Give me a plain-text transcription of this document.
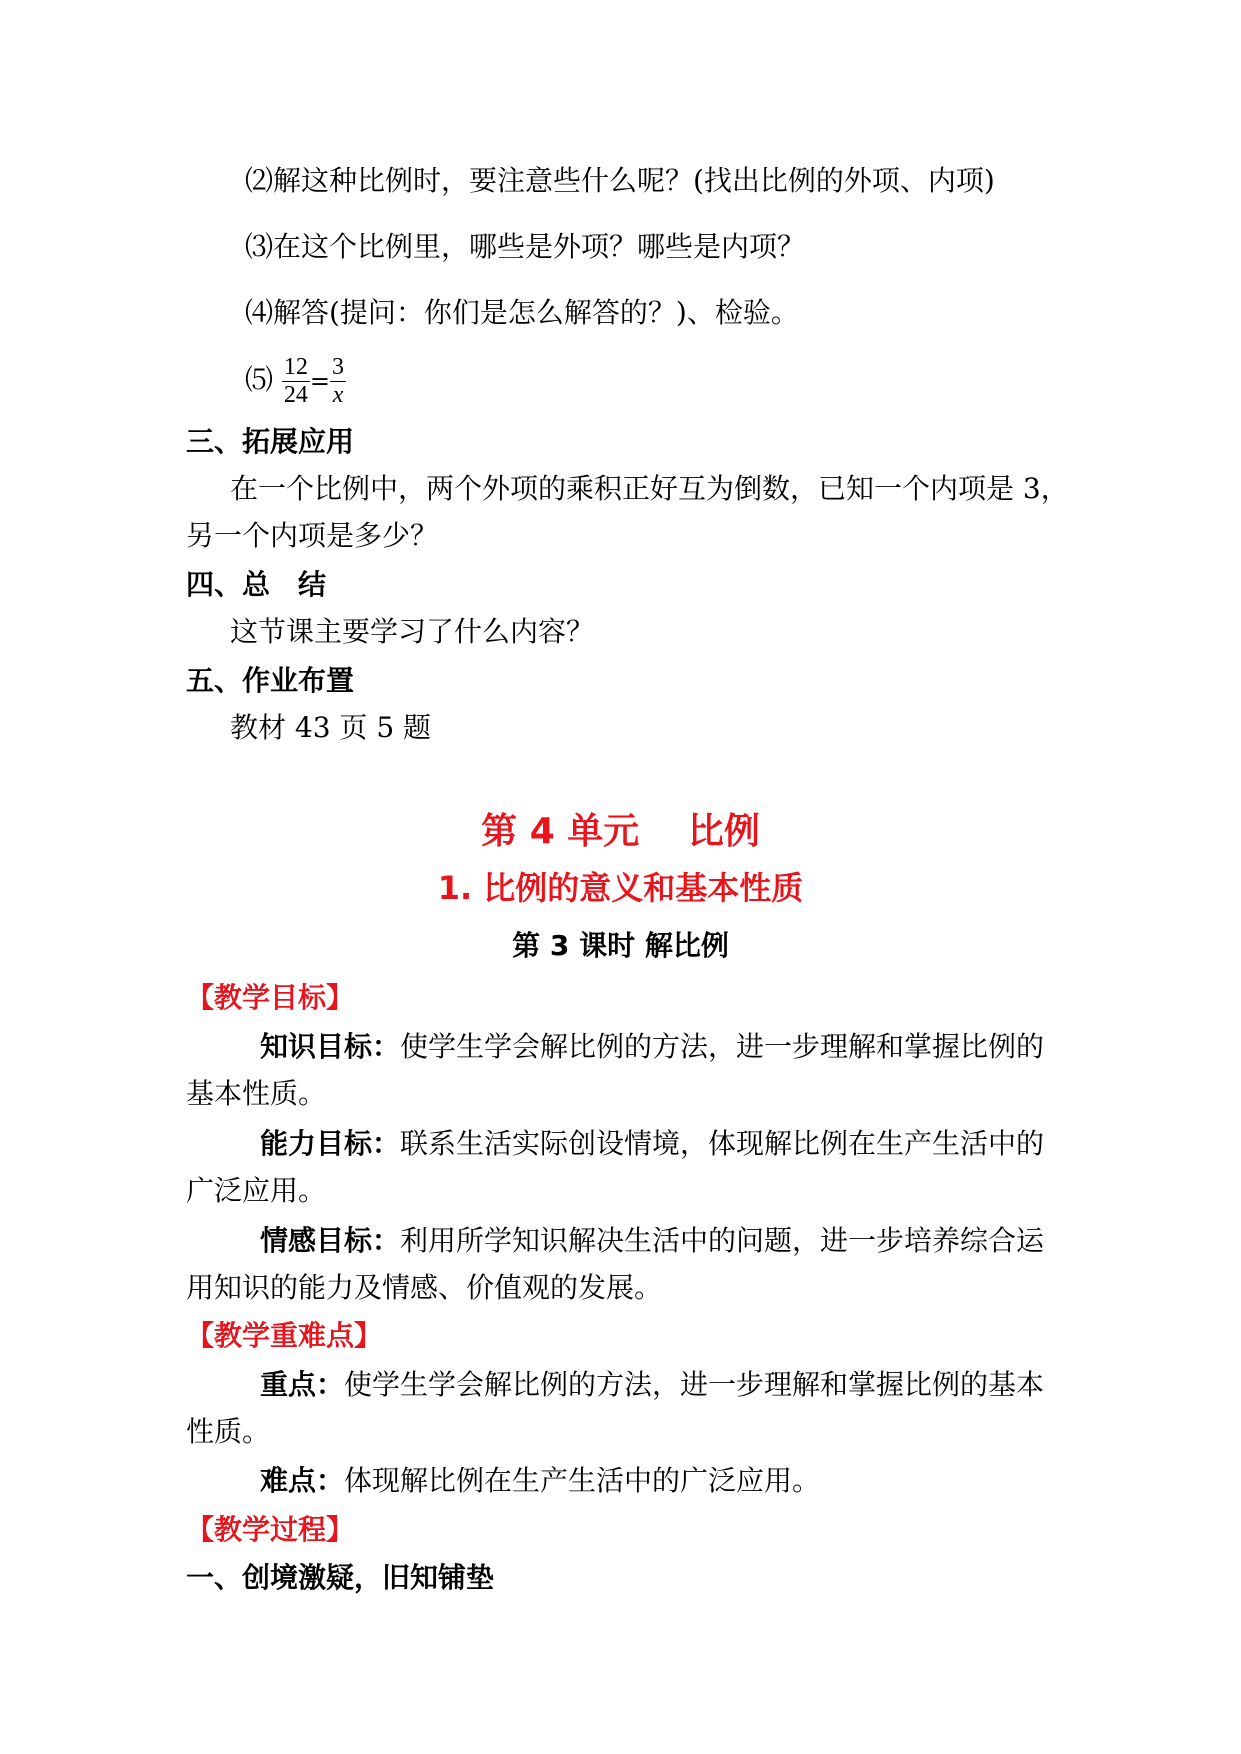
⑵解这种比例时，要注意些什么呢？(找出比例的外项、内项)
⑶在这个比例里，哪些是外项？哪些是内项？
⑷解答(提问：你们是怎么解答的？)、检验。
⑸ $\frac{12}{24} = \frac{3}{x}$
三、拓展应用
在一个比例中，两个外项的乘积正好互为倒数，已知一个内项是 3，
另一个内项是多少？
四、总　结
这节课主要学习了什么内容？
五、作业布置
教材 43 页 5 题
第 4 单元　 比例
1. 比例的意义和基本性质
第 3 课时 解比例
【教学目标】
知识目标：使学生学会解比例的方法，进一步理解和掌握比例的
基本性质。
能力目标：联系生活实际创设情境，体现解比例在生产生活中的
广泛应用。
情感目标：利用所学知识解决生活中的问题，进一步培养综合运
用知识的能力及情感、价值观的发展。
【教学重难点】
重点：使学生学会解比例的方法，进一步理解和掌握比例的基本
性质。
难点：体现解比例在生产生活中的广泛应用。
【教学过程】
一、创境激疑，旧知铺垫
